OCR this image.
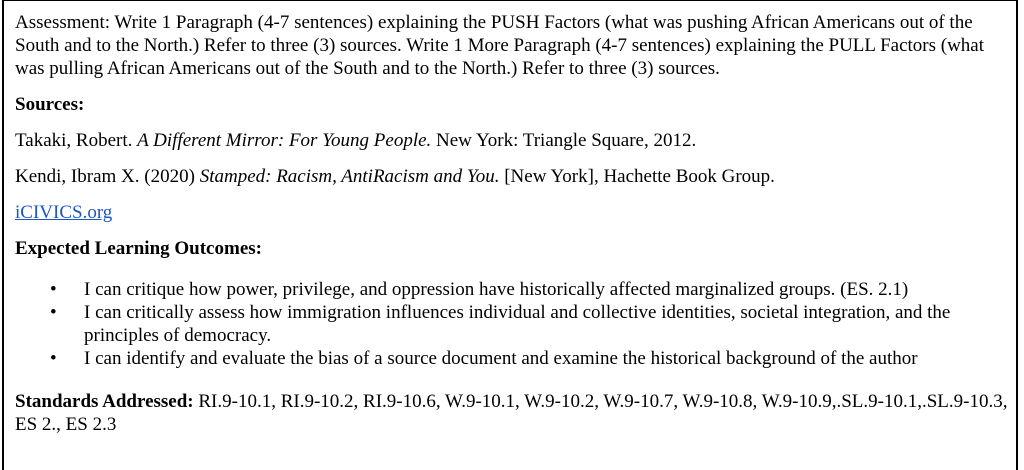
Assessment: Write 1 Paragraph (4-7 sentences) explaining the PUSH Factors (what was pushing African Americans out of the South and to the North.) Refer to three (3) sources. Write 1 More Paragraph (4-7 sentences) explaining the PULL Factors (what was pulling African Americans out of the South and to the North.) Refer to three (3) sources.

Sources:
Takaki, Robert. A Different Mirror: For Young People. New York: Triangle Square, 2012.
Kendi, Ibram X. (2020) Stamped: Racism, AntiRacism and You. [New York], Hachette Book Group.
iCIVICS.org
Expected Learning Outcomes:
• I can critique how power, privilege, and oppression have historically affected marginalized groups. (ES. 2.1)
• I can critically assess how immigration influences individual and collective identities, societal integration, and the principles of democracy.
• I can identify and evaluate the bias of a source document and examine the historical background of the author
Standards Addressed: RI.9-10.1, RI.9-10.2, RI.9-10.6, W.9-10.1, W.9-10.2, W.9-10.7, W.9-10.8, W.9-10.9,.SL.9-10.1,.SL.9-10.3, ES 2., ES 2.3
